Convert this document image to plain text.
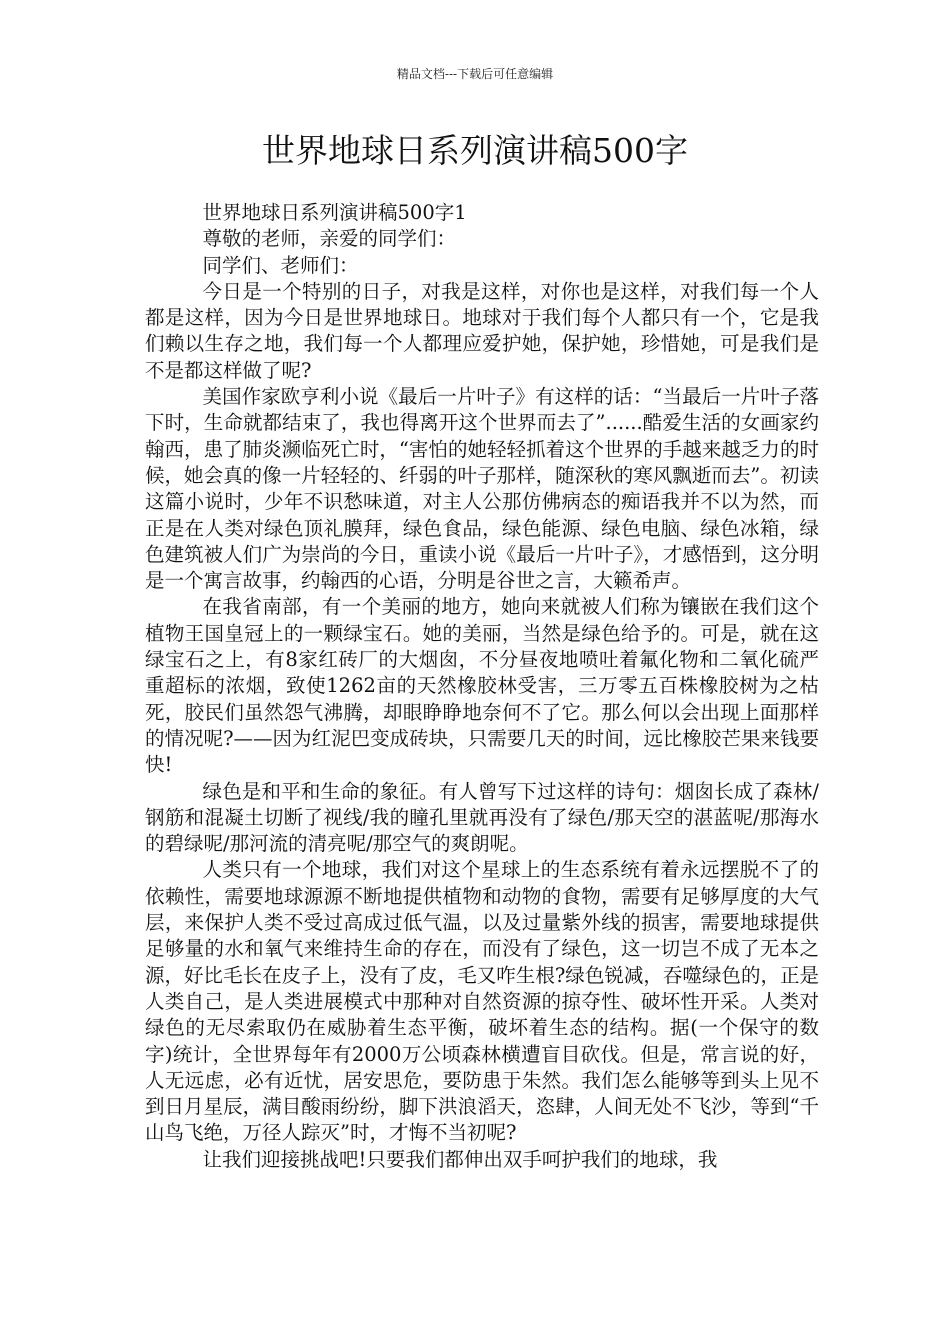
精品文档---下载后可任意编辑
世界地球日系列演讲稿500字

世界地球日系列演讲稿500字1

尊敬的老师，亲爱的同学们：

同学们、老师们：

今日是一个特别的日子，对我是这样，对你也是这样，对我们每一个人都是这样，因为今日是世界地球日。地球对于我们每个人都只有一个，它是我们赖以生存之地，我们每一个人都理应爱护她，保护她，珍惜她，可是我们是不是都这样做了呢?

美国作家欧亨利小说《最后一片叶子》有这样的话：“当最后一片叶子落下时，生命就都结束了，我也得离开这个世界而去了”......酷爱生活的女画家约翰西，患了肺炎濒临死亡时，“害怕的她轻轻抓着这个世界的手越来越乏力的时候，她会真的像一片轻轻的、纤弱的叶子那样，随深秋的寒风飘逝而去”。初读这篇小说时，少年不识愁味道，对主人公那仿佛病态的痴语我并不以为然，而正是在人类对绿色顶礼膜拜，绿色食品，绿色能源、绿色电脑、绿色冰箱，绿色建筑被人们广为崇尚的今日，重读小说《最后一片叶子》，才感悟到，这分明是一个寓言故事，约翰西的心语，分明是谷世之言，大籁希声。

在我省南部，有一个美丽的地方，她向来就被人们称为镶嵌在我们这个植物王国皇冠上的一颗绿宝石。她的美丽，当然是绿色给予的。可是，就在这绿宝石之上，有8家红砖厂的大烟囱，不分昼夜地喷吐着氟化物和二氧化硫严重超标的浓烟，致使1262亩的天然橡胶林受害，三万零五百株橡胶树为之枯死，胶民们虽然怨气沸腾，却眼睁睁地奈何不了它。那么何以会出现上面那样的情况呢?——因为红泥巴变成砖块，只需要几天的时间，远比橡胶芒果来钱要快!

绿色是和平和生命的象征。有人曾写下过这样的诗句：烟囱长成了森林/钢筋和混凝土切断了视线/我的瞳孔里就再没有了绿色/那天空的湛蓝呢/那海水的碧绿呢/那河流的清亮呢/那空气的爽朗呢。

人类只有一个地球，我们对这个星球上的生态系统有着永远摆脱不了的依赖性，需要地球源源不断地提供植物和动物的食物，需要有足够厚度的大气层，来保护人类不受过高成过低气温，以及过量紫外线的损害，需要地球提供足够量的水和氧气来维持生命的存在，而没有了绿色，这一切岂不成了无本之源，好比毛长在皮子上，没有了皮，毛又咋生根?绿色锐减，吞噬绿色的，正是人类自己，是人类进展模式中那种对自然资源的掠夺性、破坏性开采。人类对绿色的无尽索取仍在威胁着生态平衡，破坏着生态的结构。据(一个保守的数字)统计，全世界每年有2000万公顷森林横遭盲目砍伐。但是，常言说的好，人无远虑，必有近忧，居安思危，要防患于朱然。我们怎么能够等到头上见不到日月星辰，满目酸雨纷纷，脚下洪浪滔天，恣肆，人间无处不飞沙，等到“千山鸟飞绝，万径人踪灭”时，才悔不当初呢?

让我们迎接挑战吧!只要我们都伸出双手呵护我们的地球，我
